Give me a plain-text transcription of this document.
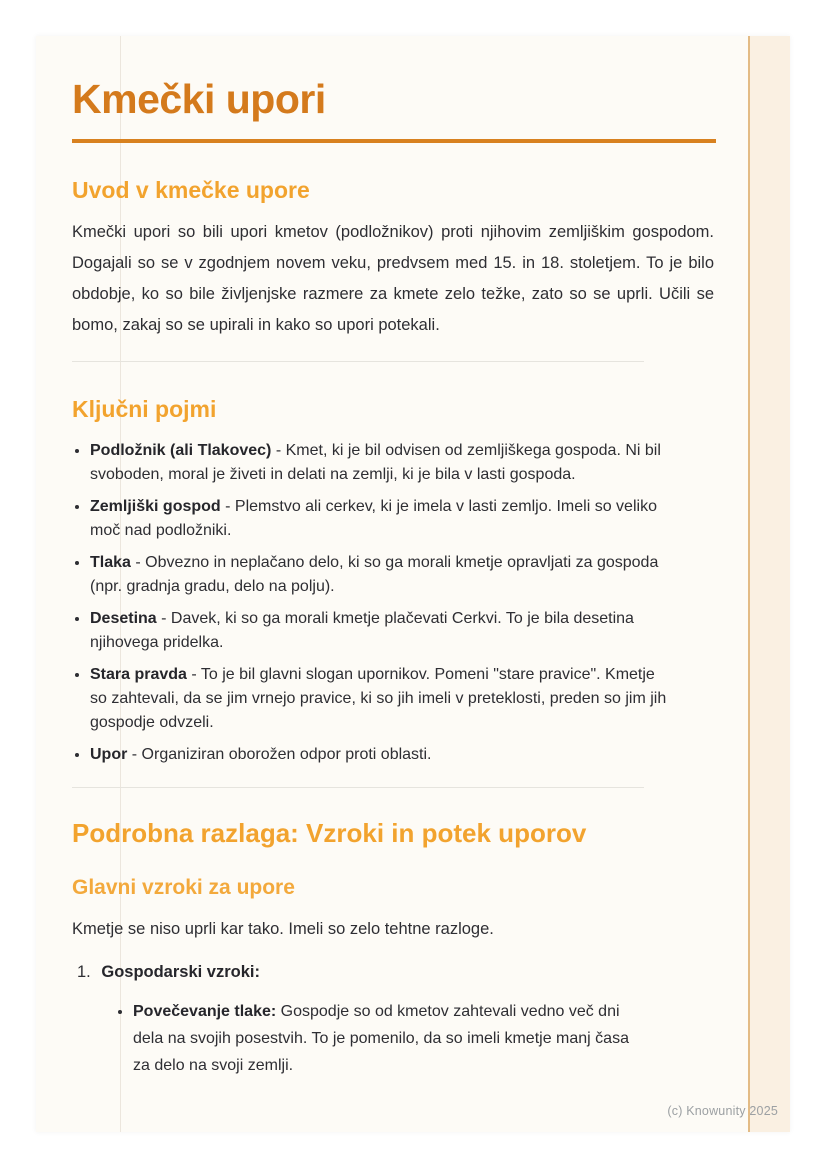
Kmečki upori
Uvod v kmečke upore

Kmečki upori so bili upori kmetov (podložnikov) proti njihovim zemljiškim gospodom. Dogajali so se v zgodnjem novem veku, predvsem med 15. in 18. stoletjem. To je bilo obdobje, ko so bile življenjske razmere za kmete zelo težke, zato so se uprli. Učili se bomo, zakaj so se upirali in kako so upori potekali.

Ključni pojmi
• Podložnik (ali Tlakovec) - Kmet, ki je bil odvisen od zemljiškega gospoda. Ni bil svoboden, moral je živeti in delati na zemlji, ki je bila v lasti gospoda.
• Zemljiški gospod - Plemstvo ali cerkev, ki je imela v lasti zemljo. Imeli so veliko moč nad podložniki.
• Tlaka - Obvezno in neplačano delo, ki so ga morali kmetje opravljati za gospoda (npr. gradnja gradu, delo na polju).
• Desetina - Davek, ki so ga morali kmetje plačevati Cerkvi. To je bila desetina njihovega pridelka.
• Stara pravda - To je bil glavni slogan upornikov. Pomeni "stare pravice". Kmetje so zahtevali, da se jim vrnejo pravice, ki so jih imeli v preteklosti, preden so jim jih gospodje odvzeli.
• Upor - Organiziran oborožen odpor proti oblasti.
Podrobna razlaga: Vzroki in potek uporov
Glavni vzroki za upore

Kmetje se niso uprli kar tako. Imeli so zelo tehtne razloge.

1. Gospodarski vzroki:
• Povečevanje tlake: Gospodje so od kmetov zahtevali vedno več dni dela na svojih posestvih. To je pomenilo, da so imeli kmetje manj časa za delo na svoji zemlji.
(c) Knowunity 2025
